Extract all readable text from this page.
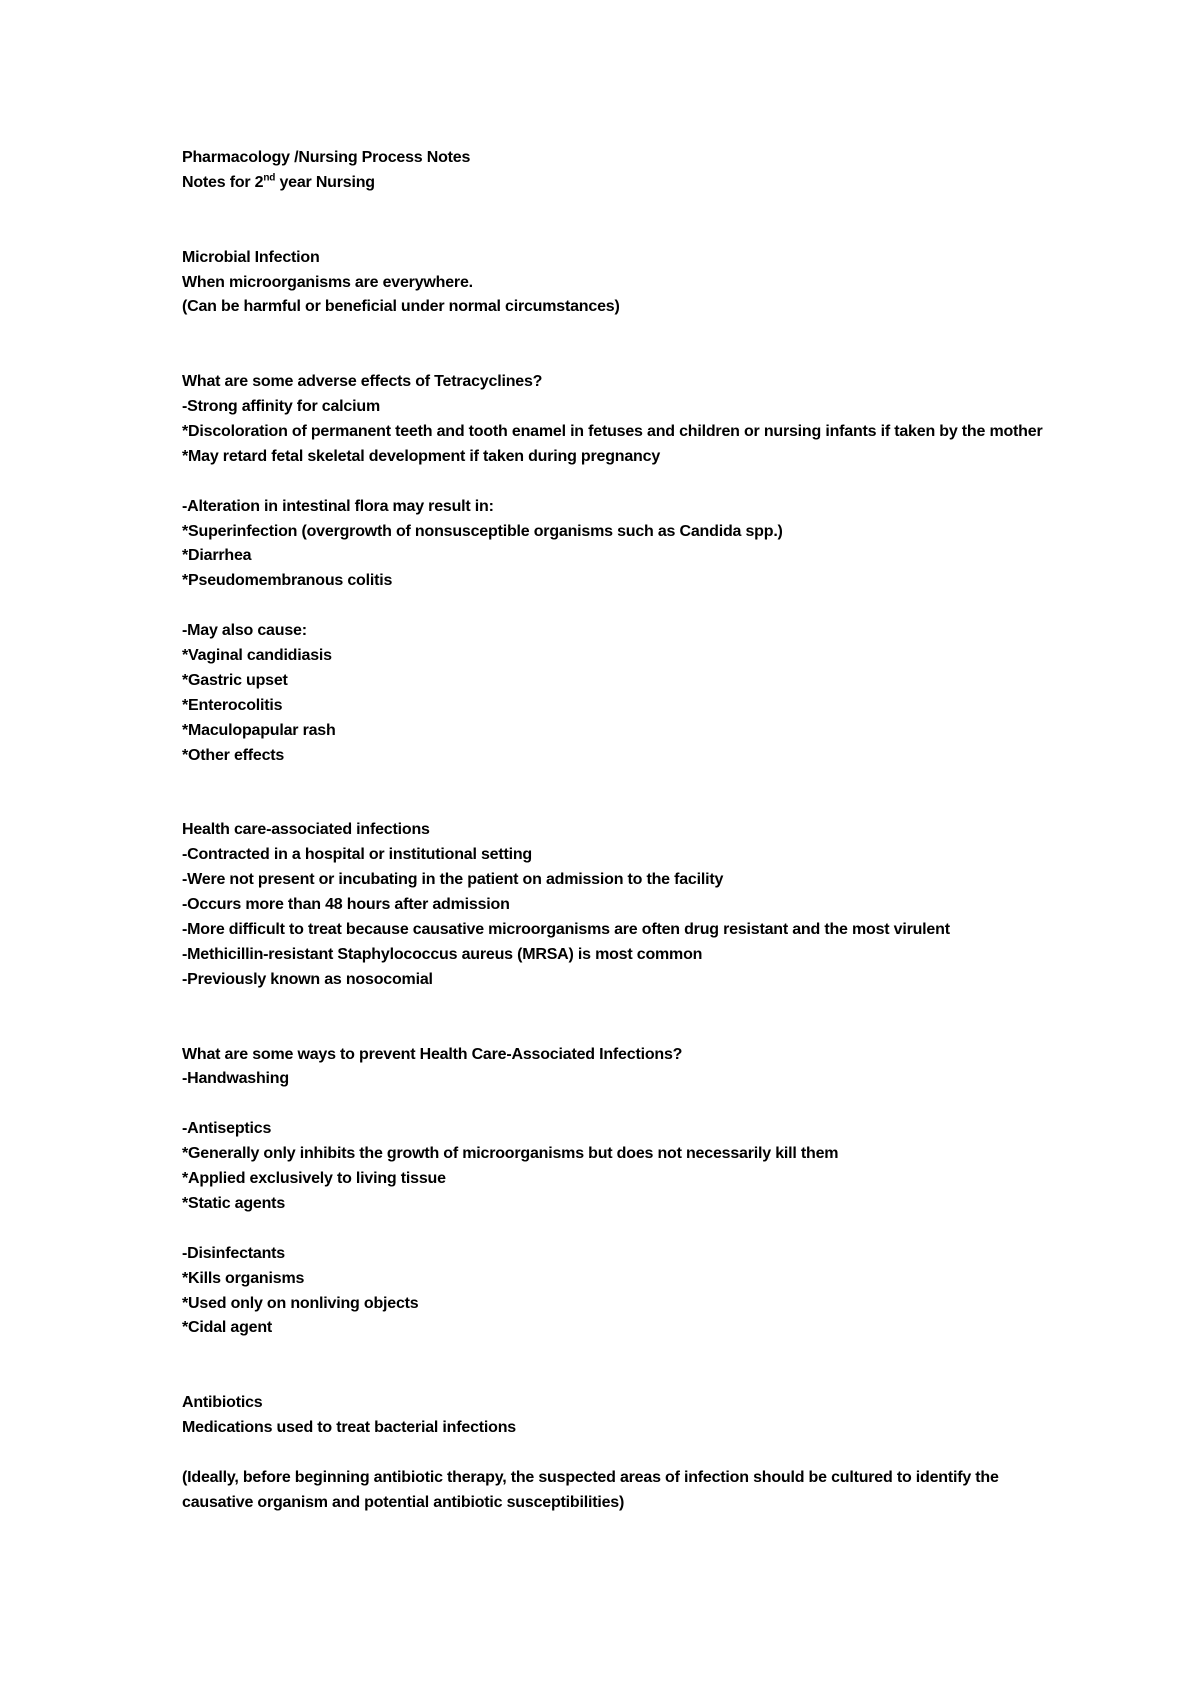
Pharmacology /Nursing Process Notes
Notes for 2nd year Nursing
Microbial Infection
When microorganisms are everywhere.
(Can be harmful or beneficial under normal circumstances)
What are some adverse effects of Tetracyclines?
-Strong affinity for calcium
*Discoloration of permanent teeth and tooth enamel in fetuses and children or nursing infants if taken by the mother
*May retard fetal skeletal development if taken during pregnancy
-Alteration in intestinal flora may result in:
*Superinfection (overgrowth of nonsusceptible organisms such as Candida spp.)
*Diarrhea
*Pseudomembranous colitis
-May also cause:
*Vaginal candidiasis
*Gastric upset
*Enterocolitis
*Maculopapular rash
*Other effects
Health care-associated infections
-Contracted in a hospital or institutional setting
-Were not present or incubating in the patient on admission to the facility
-Occurs more than 48 hours after admission
-More difficult to treat because causative microorganisms are often drug resistant and the most virulent
-Methicillin-resistant Staphylococcus aureus (MRSA) is most common
-Previously known as nosocomial
What are some ways to prevent Health Care-Associated Infections?
-Handwashing
-Antiseptics
*Generally only inhibits the growth of microorganisms but does not necessarily kill them
*Applied exclusively to living tissue
*Static agents
-Disinfectants
*Kills organisms
*Used only on nonliving objects
*Cidal agent
Antibiotics
Medications used to treat bacterial infections
(Ideally, before beginning antibiotic therapy, the suspected areas of infection should be cultured to identify the causative organism and potential antibiotic susceptibilities)
